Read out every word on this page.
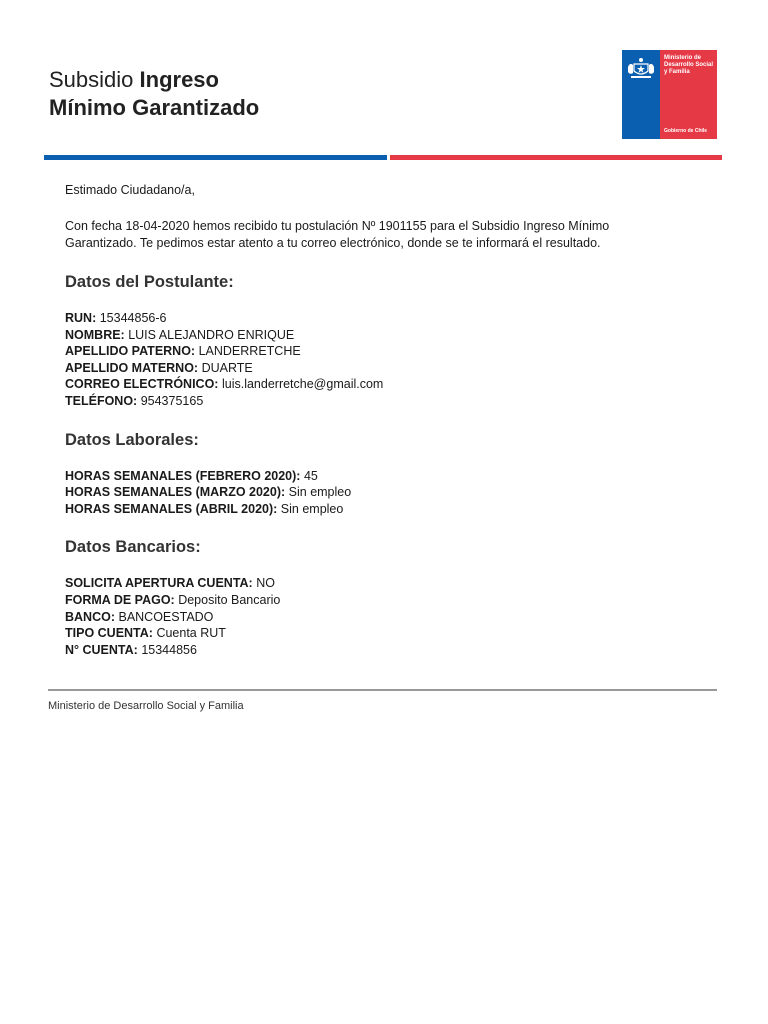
Subsidio Ingreso
Mínimo Garantizado
Ministerio de Desarrollo Social y Familia
Gobierno de Chile

Estimado Ciudadano/a,

Con fecha 18-04-2020 hemos recibido tu postulación Nº 1901155 para el Subsidio Ingreso Mínimo Garantizado. Te pedimos estar atento a tu correo electrónico, donde se te informará el resultado.

Datos del Postulante:
RUN: 15344856-6
NOMBRE: LUIS ALEJANDRO ENRIQUE
APELLIDO PATERNO: LANDERRETCHE
APELLIDO MATERNO: DUARTE
CORREO ELECTRÓNICO: luis.landerretche@gmail.com
TELÉFONO: 954375165
Datos Laborales:
HORAS SEMANALES (FEBRERO 2020): 45
HORAS SEMANALES (MARZO 2020): Sin empleo
HORAS SEMANALES (ABRIL 2020): Sin empleo
Datos Bancarios:
SOLICITA APERTURA CUENTA: NO
FORMA DE PAGO: Deposito Bancario
BANCO: BANCOESTADO
TIPO CUENTA: Cuenta RUT
N° CUENTA: 15344856
Ministerio de Desarrollo Social y Familia
